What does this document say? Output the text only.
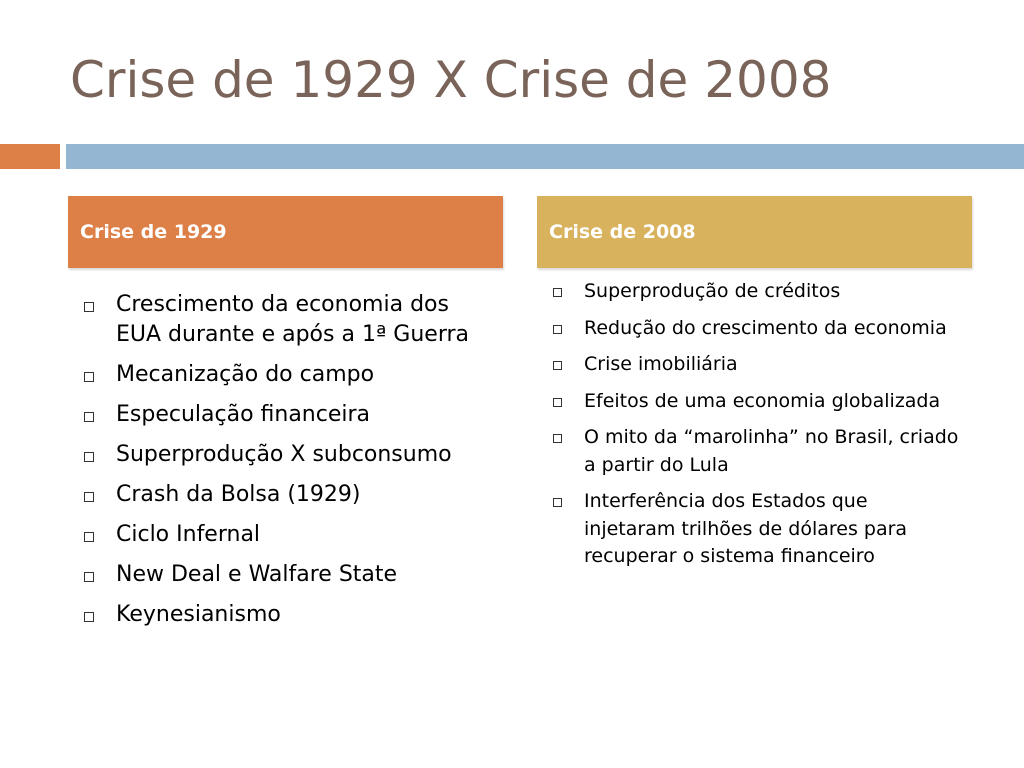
Crise de 1929 X Crise de 2008
Crise de 1929	Crise de 2008
Crescimento da economia dos EUA durante e após a 1ª Guerra
Mecanização do campo
Especulação financeira
Superprodução X subconsumo
Crash da Bolsa (1929)
Ciclo Infernal
New Deal e Walfare State
Keynesianismo
Superprodução de créditos
Redução do crescimento da economia
Crise imobiliária
Efeitos de uma economia globalizada
O mito da “marolinha” no Brasil, criado a partir do Lula
Interferência dos Estados que injetaram trilhões de dólares para recuperar o sistema financeiro
